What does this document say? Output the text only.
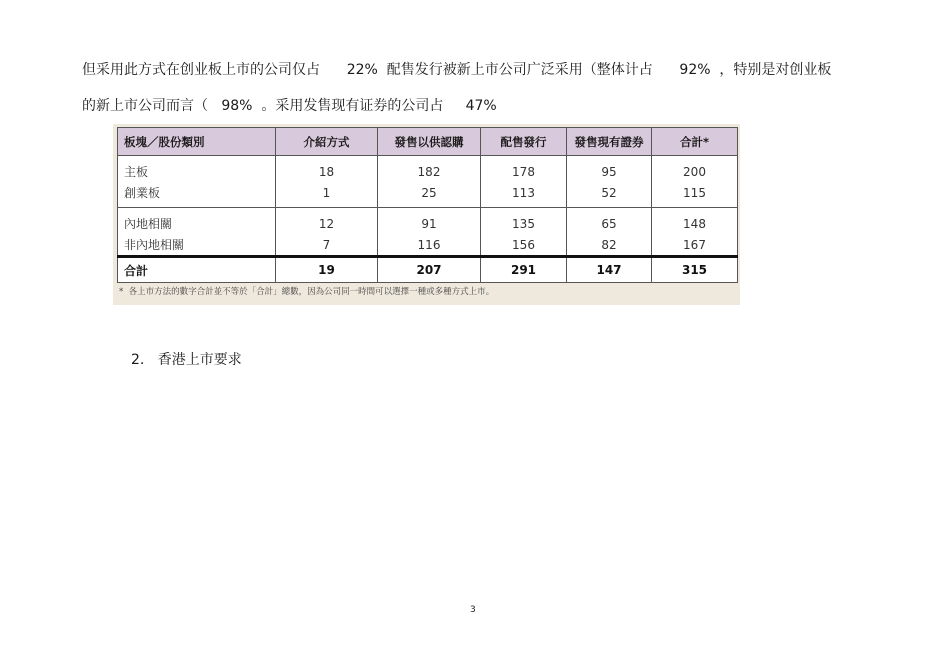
但采用此方式在创业板上市的公司仅占      22%  配售发行被新上市公司广泛采用（整体计占      92%  ，特别是对创业板
的新上市公司而言（   98%  。采用发售现有证券的公司占     47%
板塊／股份類別	介紹方式	發售以供認購	配售發行	發售現有證券	合計*
主板	18	182	178	95	200
創業板	1	25	113	52	115
內地相關	12	91	135	65	148
非內地相關	7	116	156	82	167
合計	19	207	291	147	315
*  各上市方法的數字合計並不等於「合計」總數，因為公司同一時間可以選擇一種或多種方式上市。
2. 香港上市要求
3
